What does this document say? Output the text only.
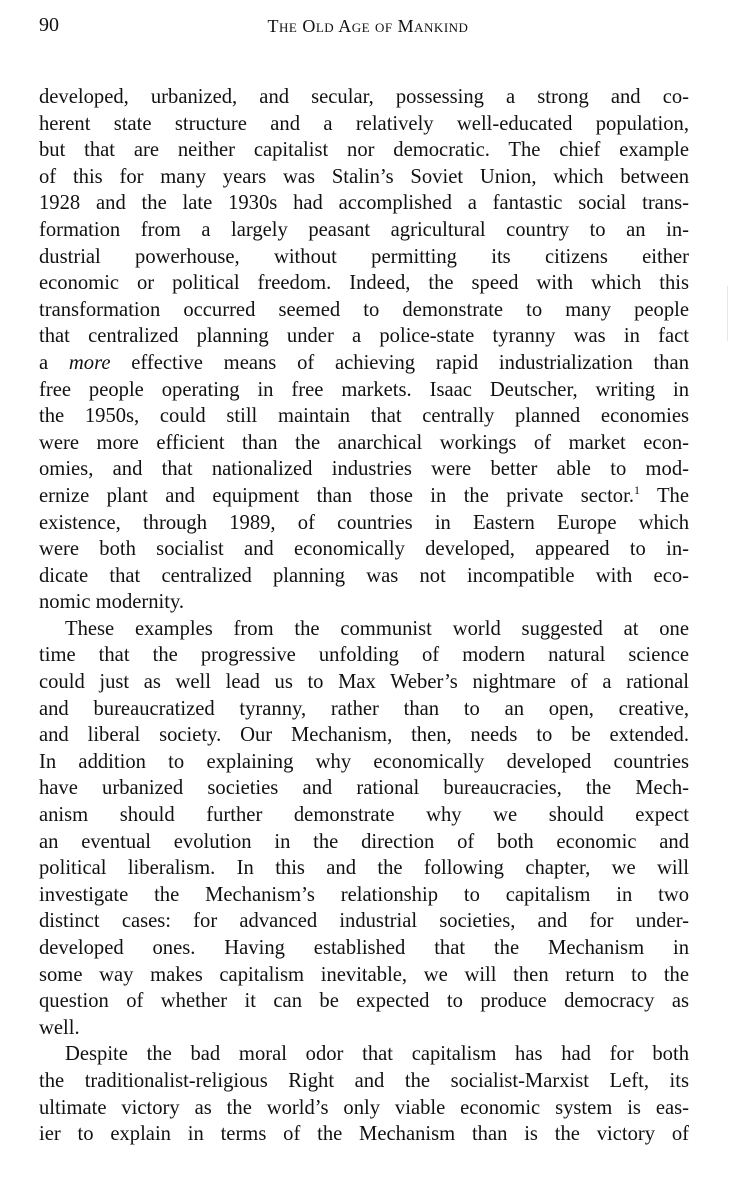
90	The Old Age of Mankind
developed, urbanized, and secular, possessing a strong and co-
herent state structure and a relatively well-educated population,
but that are neither capitalist nor democratic. The chief example
of this for many years was Stalin’s Soviet Union, which between
1928 and the late 1930s had accomplished a fantastic social trans-
formation from a largely peasant agricultural country to an in-
dustrial powerhouse, without permitting its citizens either
economic or political freedom. Indeed, the speed with which this
transformation occurred seemed to demonstrate to many people
that centralized planning under a police-state tyranny was in fact
a more effective means of achieving rapid industrialization than
free people operating in free markets. Isaac Deutscher, writing in
the 1950s, could still maintain that centrally planned economies
were more efficient than the anarchical workings of market econ-
omies, and that nationalized industries were better able to mod-
ernize plant and equipment than those in the private sector.$^1$ The
existence, through 1989, of countries in Eastern Europe which
were both socialist and economically developed, appeared to in-
dicate that centralized planning was not incompatible with eco-
nomic modernity.
These examples from the communist world suggested at one
time that the progressive unfolding of modern natural science
could just as well lead us to Max Weber’s nightmare of a rational
and bureaucratized tyranny, rather than to an open, creative,
and liberal society. Our Mechanism, then, needs to be extended.
In addition to explaining why economically developed countries
have urbanized societies and rational bureaucracies, the Mech-
anism should further demonstrate why we should expect
an eventual evolution in the direction of both economic and
political liberalism. In this and the following chapter, we will
investigate the Mechanism’s relationship to capitalism in two
distinct cases: for advanced industrial societies, and for under-
developed ones. Having established that the Mechanism in
some way makes capitalism inevitable, we will then return to the
question of whether it can be expected to produce democracy as
well.
Despite the bad moral odor that capitalism has had for both
the traditionalist-religious Right and the socialist-Marxist Left, its
ultimate victory as the world’s only viable economic system is eas-
ier to explain in terms of the Mechanism than is the victory of
